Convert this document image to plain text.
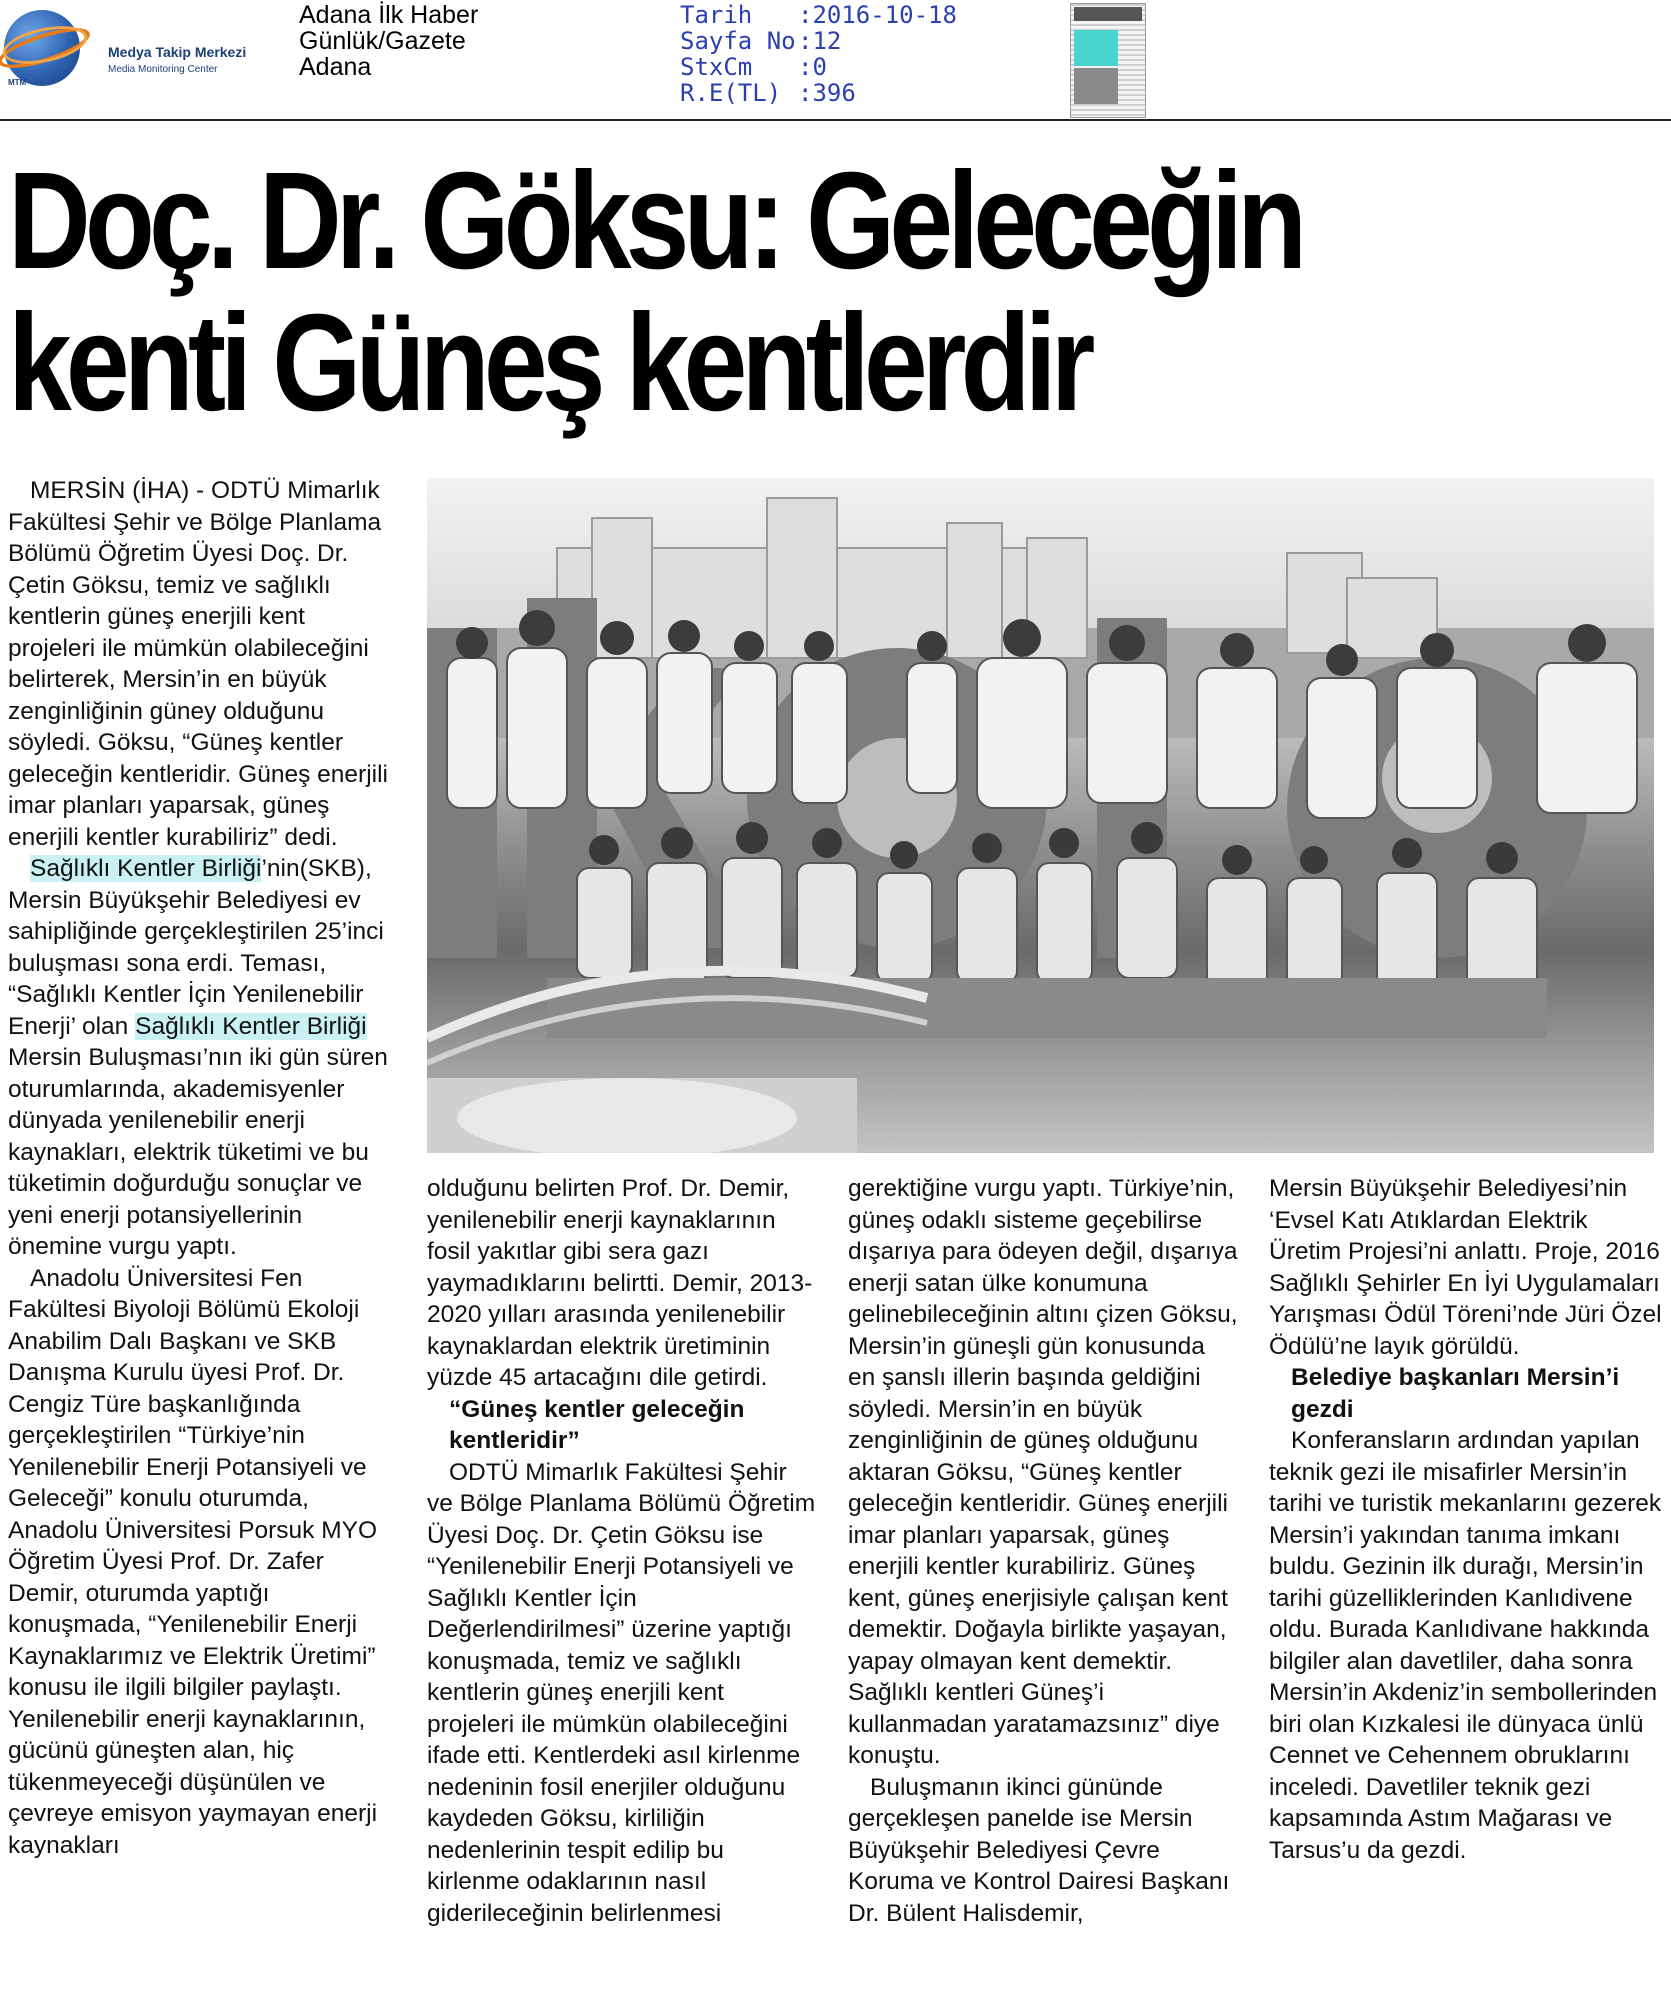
MTM
Medya Takip Merkezi
Media Monitoring Center
Adana İlk Haber
Günlük/Gazete
Adana
Tarih	:2016-10-18
Sayfa No :12
StxCm	:0
R.E(TL) :396
Doç. Dr. Göksu: Geleceğin
kenti Güneş kentlerdir

MERSİN (İHA) - ODTÜ Mimarlık Fakültesi Şehir ve Bölge Planlama Bölümü Öğretim Üyesi Doç. Dr. Çetin Göksu, temiz ve sağlıklı kentlerin güneş enerjili kent projeleri ile mümkün olabileceğini belirterek, Mersin’in en büyük zenginliğinin güney olduğunu söyledi. Göksu, “Güneş kentler geleceğin kentleridir. Güneş enerjili imar planları yaparsak, güneş enerjili kentler kurabiliriz” dedi.

Sağlıklı Kentler Birliği’nin(SKB), Mersin Büyükşehir Belediyesi ev sahipliğinde gerçekleştirilen 25’inci buluşması sona erdi. Teması, “Sağlıklı Kentler İçin Yenilenebilir Enerji’ olan Sağlıklı Kentler Birliği Mersin Buluşması’nın iki gün süren oturumlarında, akademisyenler dünyada yenilenebilir enerji kaynakları, elektrik tüketimi ve bu tüketimin doğurduğu sonuçlar ve yeni enerji potansiyellerinin önemine vurgu yaptı.

Anadolu Üniversitesi Fen Fakültesi Biyoloji Bölümü Ekoloji Anabilim Dalı Başkanı ve SKB Danışma Kurulu üyesi Prof. Dr. Cengiz Türe başkanlığında gerçekleştirilen “Türkiye’nin Yenilenebilir Enerji Potansiyeli ve Geleceği” konulu oturumda, Anadolu Üniversitesi Porsuk MYO Öğretim Üyesi Prof. Dr. Zafer Demir, oturumda yaptığı konuşmada, “Yenilenebilir Enerji Kaynaklarımız ve Elektrik Üretimi” konusu ile ilgili bilgiler paylaştı. Yenilenebilir enerji kaynaklarının, gücünü güneşten alan, hiç tükenmeyeceği düşünülen ve çevreye emisyon yaymayan enerji kaynakları

olduğunu belirten Prof. Dr. Demir, yenilenebilir enerji kaynaklarının fosil yakıtlar gibi sera gazı yaymadıklarını belirtti. Demir, 2013-2020 yılları arasında yenilenebilir kaynaklardan elektrik üretiminin yüzde 45 artacağını dile getirdi.

“Güneş kentler geleceğin kentleridir”

ODTÜ Mimarlık Fakültesi Şehir ve Bölge Planlama Bölümü Öğretim Üyesi Doç. Dr. Çetin Göksu ise “Yenilenebilir Enerji Potansiyeli ve Sağlıklı Kentler İçin Değerlendirilmesi” üzerine yaptığı konuşmada, temiz ve sağlıklı kentlerin güneş enerjili kent projeleri ile mümkün olabileceğini ifade etti. Kentlerdeki asıl kirlenme nedeninin fosil enerjiler olduğunu kaydeden Göksu, kirliliğin nedenlerinin tespit edilip bu kirlenme odaklarının nasıl giderileceğinin belirlenmesi

gerektiğine vurgu yaptı. Türkiye’nin, güneş odaklı sisteme geçebilirse dışarıya para ödeyen değil, dışarıya enerji satan ülke konumuna gelinebileceğinin altını çizen Göksu, Mersin’in güneşli gün konusunda en şanslı illerin başında geldiğini söyledi. Mersin’in en büyük zenginliğinin de güneş olduğunu aktaran Göksu, “Güneş kentler geleceğin kentleridir. Güneş enerjili imar planları yaparsak, güneş enerjili kentler kurabiliriz. Güneş kent, güneş enerjisiyle çalışan kent demektir. Doğayla birlikte yaşayan, yapay olmayan kent demektir. Sağlıklı kentleri Güneş’i kullanmadan yaratamazsınız” diye konuştu.

Buluşmanın ikinci gününde gerçekleşen panelde ise Mersin Büyükşehir Belediyesi Çevre Koruma ve Kontrol Dairesi Başkanı Dr. Bülent Halisdemir,

Mersin Büyükşehir Belediyesi’nin ‘Evsel Katı Atıklardan Elektrik Üretim Projesi’ni anlattı. Proje, 2016 Sağlıklı Şehirler En İyi Uygulamaları Yarışması Ödül Töreni’nde Jüri Özel Ödülü’ne layık görüldü.

Belediye başkanları Mersin’i gezdi

Konferansların ardından yapılan teknik gezi ile misafirler Mersin’in tarihi ve turistik mekanlarını gezerek Mersin’i yakından tanıma imkanı buldu. Gezinin ilk durağı, Mersin’in tarihi güzelliklerinden Kanlıdivene oldu. Burada Kanlıdivane hakkında bilgiler alan davetliler, daha sonra Mersin’in Akdeniz’in sembollerinden biri olan Kızkalesi ile dünyaca ünlü Cennet ve Cehennem obruklarını inceledi. Davetliler teknik gezi kapsamında Astım Mağarası ve Tarsus’u da gezdi.
